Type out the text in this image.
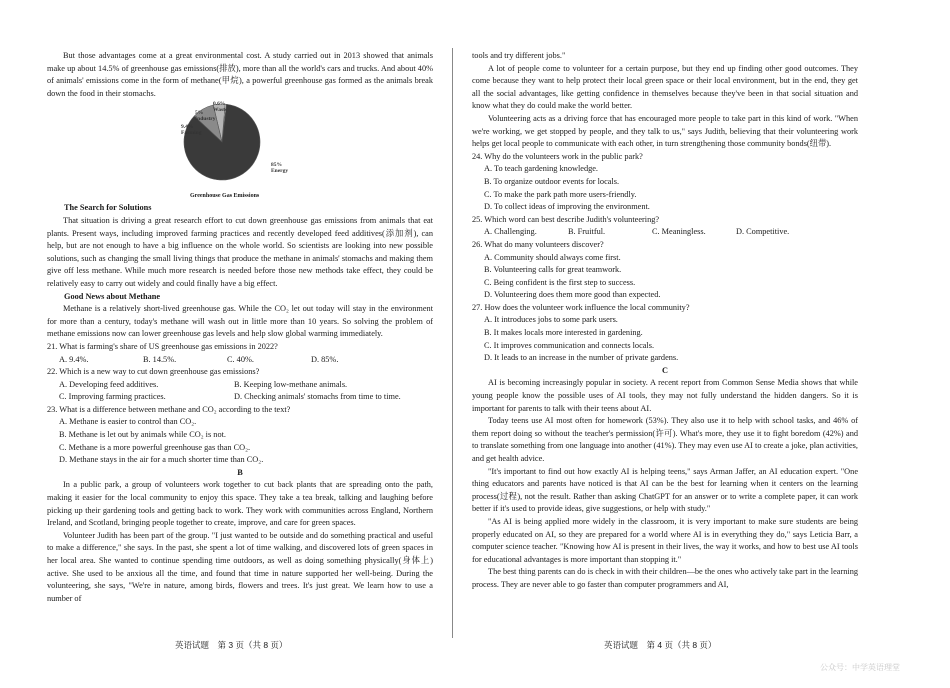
But those advantages come at a great environmental cost. A study carried out in 2013 showed that animals make up about 14.5% of greenhouse gas emissions(排放), more than all the world's cars and trucks. And about 40% of animals' emissions come in the form of methane(甲烷), a powerful greenhouse gas formed as the animals break down the food in their stomachs.

0.6%
Waste
5%
Industry
9.4%
Farming
85%
Energy
Greenhouse Gas Emissions
The Search for Solutions

That situation is driving a great research effort to cut down greenhouse gas emissions from animals that eat plants. Present ways, including improved farming practices and recently developed feed additives(添加剂), can help, but are not enough to have a big influence on the whole world. So scientists are looking into new possible solutions, such as changing the small living things that produce the methane in animals' stomachs and making them give off less methane. While much more research is needed before those new methods take effect, they could be relatively easy to carry out widely and could finally have a big effect.

Good News about Methane

Methane is a relatively short-lived greenhouse gas. While the CO₂ let out today will stay in the environment for more than a century, today's methane will wash out in little more than 10 years. So solving the problem of methane emissions now can lower greenhouse gas levels and help slow global warming immediately.

21. What is farming's share of US greenhouse gas emissions in 2022?
A. 9.4%.	B. 14.5%.	C. 40%.	D. 85%.
22. Which is a new way to cut down greenhouse gas emissions?
A. Developing feed additives.	B. Keeping low-methane animals.
C. Improving farming practices.	D. Checking animals' stomachs from time to time.
23. What is a difference between methane and CO₂ according to the text?
A. Methane is easier to control than CO₂.
B. Methane is let out by animals while CO₂ is not.
C. Methane is a more powerful greenhouse gas than CO₂.
D. Methane stays in the air for a much shorter time than CO₂.
B

In a public park, a group of volunteers work together to cut back plants that are spreading onto the path, making it easier for the local community to enjoy this space. They take a tea break, talking and laughing before picking up their gardening tools and getting back to work. They work with communities across England, Northern Ireland, and Scotland, bringing people together to create, improve, and care for green spaces.

Volunteer Judith has been part of the group. "I just wanted to be outside and do something practical and useful to make a difference," she says. In the past, she spent a lot of time walking, and discovered lots of green spaces in her local area. She wanted to continue spending time outdoors, as well as doing something physically(身体上) active. She used to be anxious all the time, and found that time in nature supported her well-being. During the volunteering, she says, "We're in nature, among birds, flowers and trees. It's just great. We learn how to use a number of

tools and try different jobs."

A lot of people come to volunteer for a certain purpose, but they end up finding other good outcomes. They come because they want to help protect their local green space or their local environment, but in the end, they get all the social advantages, like getting confidence in themselves because they've been in that social situation and know what they do could make the world better.

Volunteering acts as a driving force that has encouraged more people to take part in this kind of work. "When we're working, we get stopped by people, and they talk to us," says Judith, believing that their volunteering work helps get local people to communicate with each other, in turn strengthening those community bonds(纽带).

24. Why do the volunteers work in the public park?
A. To teach gardening knowledge.
B. To organize outdoor events for locals.
C. To make the park path more users-friendly.
D. To collect ideas of improving the environment.
25. Which word can best describe Judith's volunteering?
A. Challenging.	B. Fruitful.	C. Meaningless.	D. Competitive.
26. What do many volunteers discover?
A. Community should always come first.
B. Volunteering calls for great teamwork.
C. Being confident is the first step to success.
D. Volunteering does them more good than expected.
27. How does the volunteer work influence the local community?
A. It introduces jobs to some park users.
B. It makes locals more interested in gardening.
C. It improves communication and connects locals.
D. It leads to an increase in the number of private gardens.
C

AI is becoming increasingly popular in society. A recent report from Common Sense Media shows that while young people know the possible uses of AI tools, they may not fully understand the hidden dangers. So it is important for parents to talk with their teens about AI.

Today teens use AI most often for homework (53%). They also use it to help with school tasks, and 46% of them report doing so without the teacher's permission(许可). What's more, they use it to fight boredom (42%) and to translate something from one language into another (41%). They may even use AI to create a joke, plan activities, and get health advice.

"It's important to find out how exactly AI is helping teens," says Arman Jaffer, an AI education expert. "One thing educators and parents have noticed is that AI can be the best for learning when it centers on the learning process(过程), not the result. Rather than asking ChatGPT for an answer or to write a complete paper, it can work better if it's used to provide ideas, give suggestions, or help with study."

"As AI is being applied more widely in the classroom, it is very important to make sure students are being properly educated on AI, so they are prepared for a world where AI is in everything they do," says Leticia Barr, a computer science teacher. "Knowing how AI is present in their lives, the way it works, and how to best use AI tools for educational advantages is more important than stopping it."

The best thing parents can do is check in with their children—be the ones who actively take part in the learning process. They are never able to go faster than computer programmers and AI,

英语试题　第 3 页（共 8 页）	英语试题　第 4 页（共 8 页）
公众号：中学英语理堂
